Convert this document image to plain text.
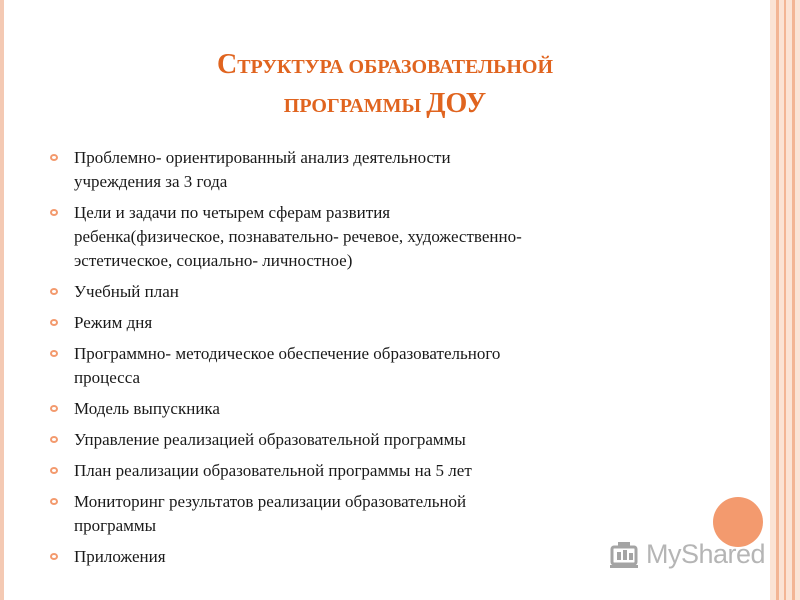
СТРУКТУРА ОБРАЗОВАТЕЛЬНОЙ
ПРОГРАММЫ ДОУ
Проблемно- ориентированный анализ деятельности
учреждения за 3 года
Цели и задачи по четырем сферам развития
ребенка(физическое, познавательно- речевое, художественно-
эстетическое, социально- личностное)
Учебный план
Режим дня
Программно- методическое обеспечение образовательного
процесса
Модель выпускника
Управление реализацией образовательной программы
План реализации образовательной программы на 5 лет
Мониторинг результатов реализации образовательной
программы
Приложения	MyShared
